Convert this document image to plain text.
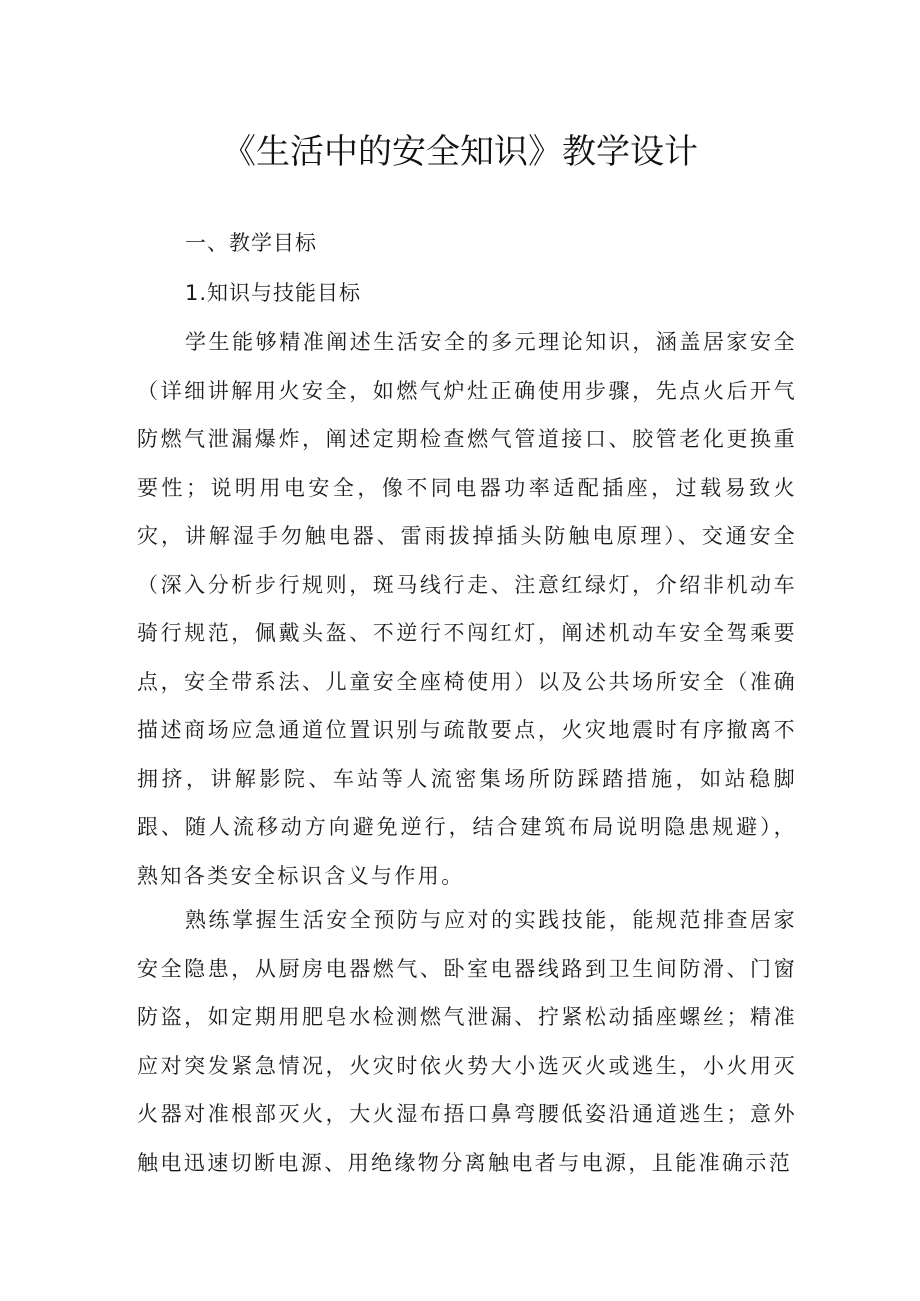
《生活中的安全知识》教学设计

一、教学目标

1.知识与技能目标

学生能够精准阐述生活安全的多元理论知识，涵盖居家安全（详细讲解用火安全，如燃气炉灶正确使用步骤，先点火后开气防燃气泄漏爆炸，阐述定期检查燃气管道接口、胶管老化更换重要性；说明用电安全，像不同电器功率适配插座，过载易致火灾，讲解湿手勿触电器、雷雨拔掉插头防触电原理）、交通安全（深入分析步行规则，斑马线行走、注意红绿灯，介绍非机动车骑行规范，佩戴头盔、不逆行不闯红灯，阐述机动车安全驾乘要点，安全带系法、儿童安全座椅使用）以及公共场所安全（准确描述商场应急通道位置识别与疏散要点，火灾地震时有序撤离不拥挤，讲解影院、车站等人流密集场所防踩踏措施，如站稳脚跟、随人流移动方向避免逆行，结合建筑布局说明隐患规避），熟知各类安全标识含义与作用。

熟练掌握生活安全预防与应对的实践技能，能规范排查居家安全隐患，从厨房电器燃气、卧室电器线路到卫生间防滑、门窗防盗，如定期用肥皂水检测燃气泄漏、拧紧松动插座螺丝；精准应对突发紧急情况，火灾时依火势大小选灭火或逃生，小火用灭火器对准根部灭火，大火湿布捂口鼻弯腰低姿沿通道逃生；意外触电迅速切断电源、用绝缘物分离触电者与电源，且能准确示范
